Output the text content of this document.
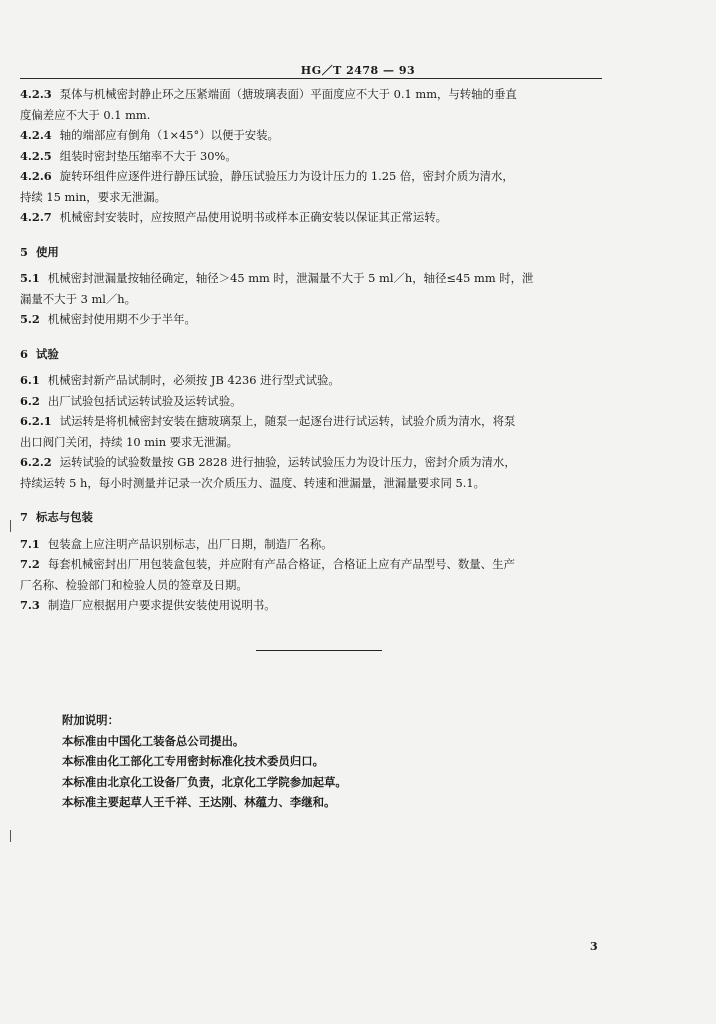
HG／T 2478 — 93
4.2.3 泵体与机械密封静止环之压紧端面（搪玻璃表面）平面度应不大于 0.1 mm，与转轴的垂直
度偏差应不大于 0.1 mm.
4.2.4 轴的端部应有倒角（1×45°）以便于安装。
4.2.5 组装时密封垫压缩率不大于 30%。
4.2.6 旋转环组件应逐件进行静压试验，静压试验压力为设计压力的 1.25 倍，密封介质为清水，
持续 15 min，要求无泄漏。
4.2.7 机械密封安装时，应按照产品使用说明书或样本正确安装以保证其正常运转。
5 使用
5.1 机械密封泄漏量按轴径确定，轴径＞45 mm 时，泄漏量不大于 5 ml／h，轴径≤45 mm 时，泄
漏量不大于 3 ml／h。
5.2 机械密封使用期不少于半年。
6 试验
6.1 机械密封新产品试制时，必须按 JB 4236 进行型式试验。
6.2 出厂试验包括试运转试验及运转试验。
6.2.1 试运转是将机械密封安装在搪玻璃泵上，随泵一起逐台进行试运转，试验介质为清水，将泵
出口阀门关闭，持续 10 min 要求无泄漏。
6.2.2 运转试验的试验数量按 GB 2828 进行抽验，运转试验压力为设计压力，密封介质为清水，
持续运转 5 h，每小时测量并记录一次介质压力、温度、转速和泄漏量，泄漏量要求同 5.1。
7 标志与包装
7.1 包装盒上应注明产品识别标志，出厂日期，制造厂名称。
7.2 每套机械密封出厂用包装盒包装，并应附有产品合格证，合格证上应有产品型号、数量、生产
厂名称、检验部门和检验人员的签章及日期。
7.3 制造厂应根据用户要求提供安装使用说明书。
附加说明：
本标准由中国化工装备总公司提出。
本标准由化工部化工专用密封标准化技术委员归口。
本标准由北京化工设备厂负责，北京化工学院参加起草。
本标准主要起草人王千祥、王达刚、林蕴力、李继和。
3
